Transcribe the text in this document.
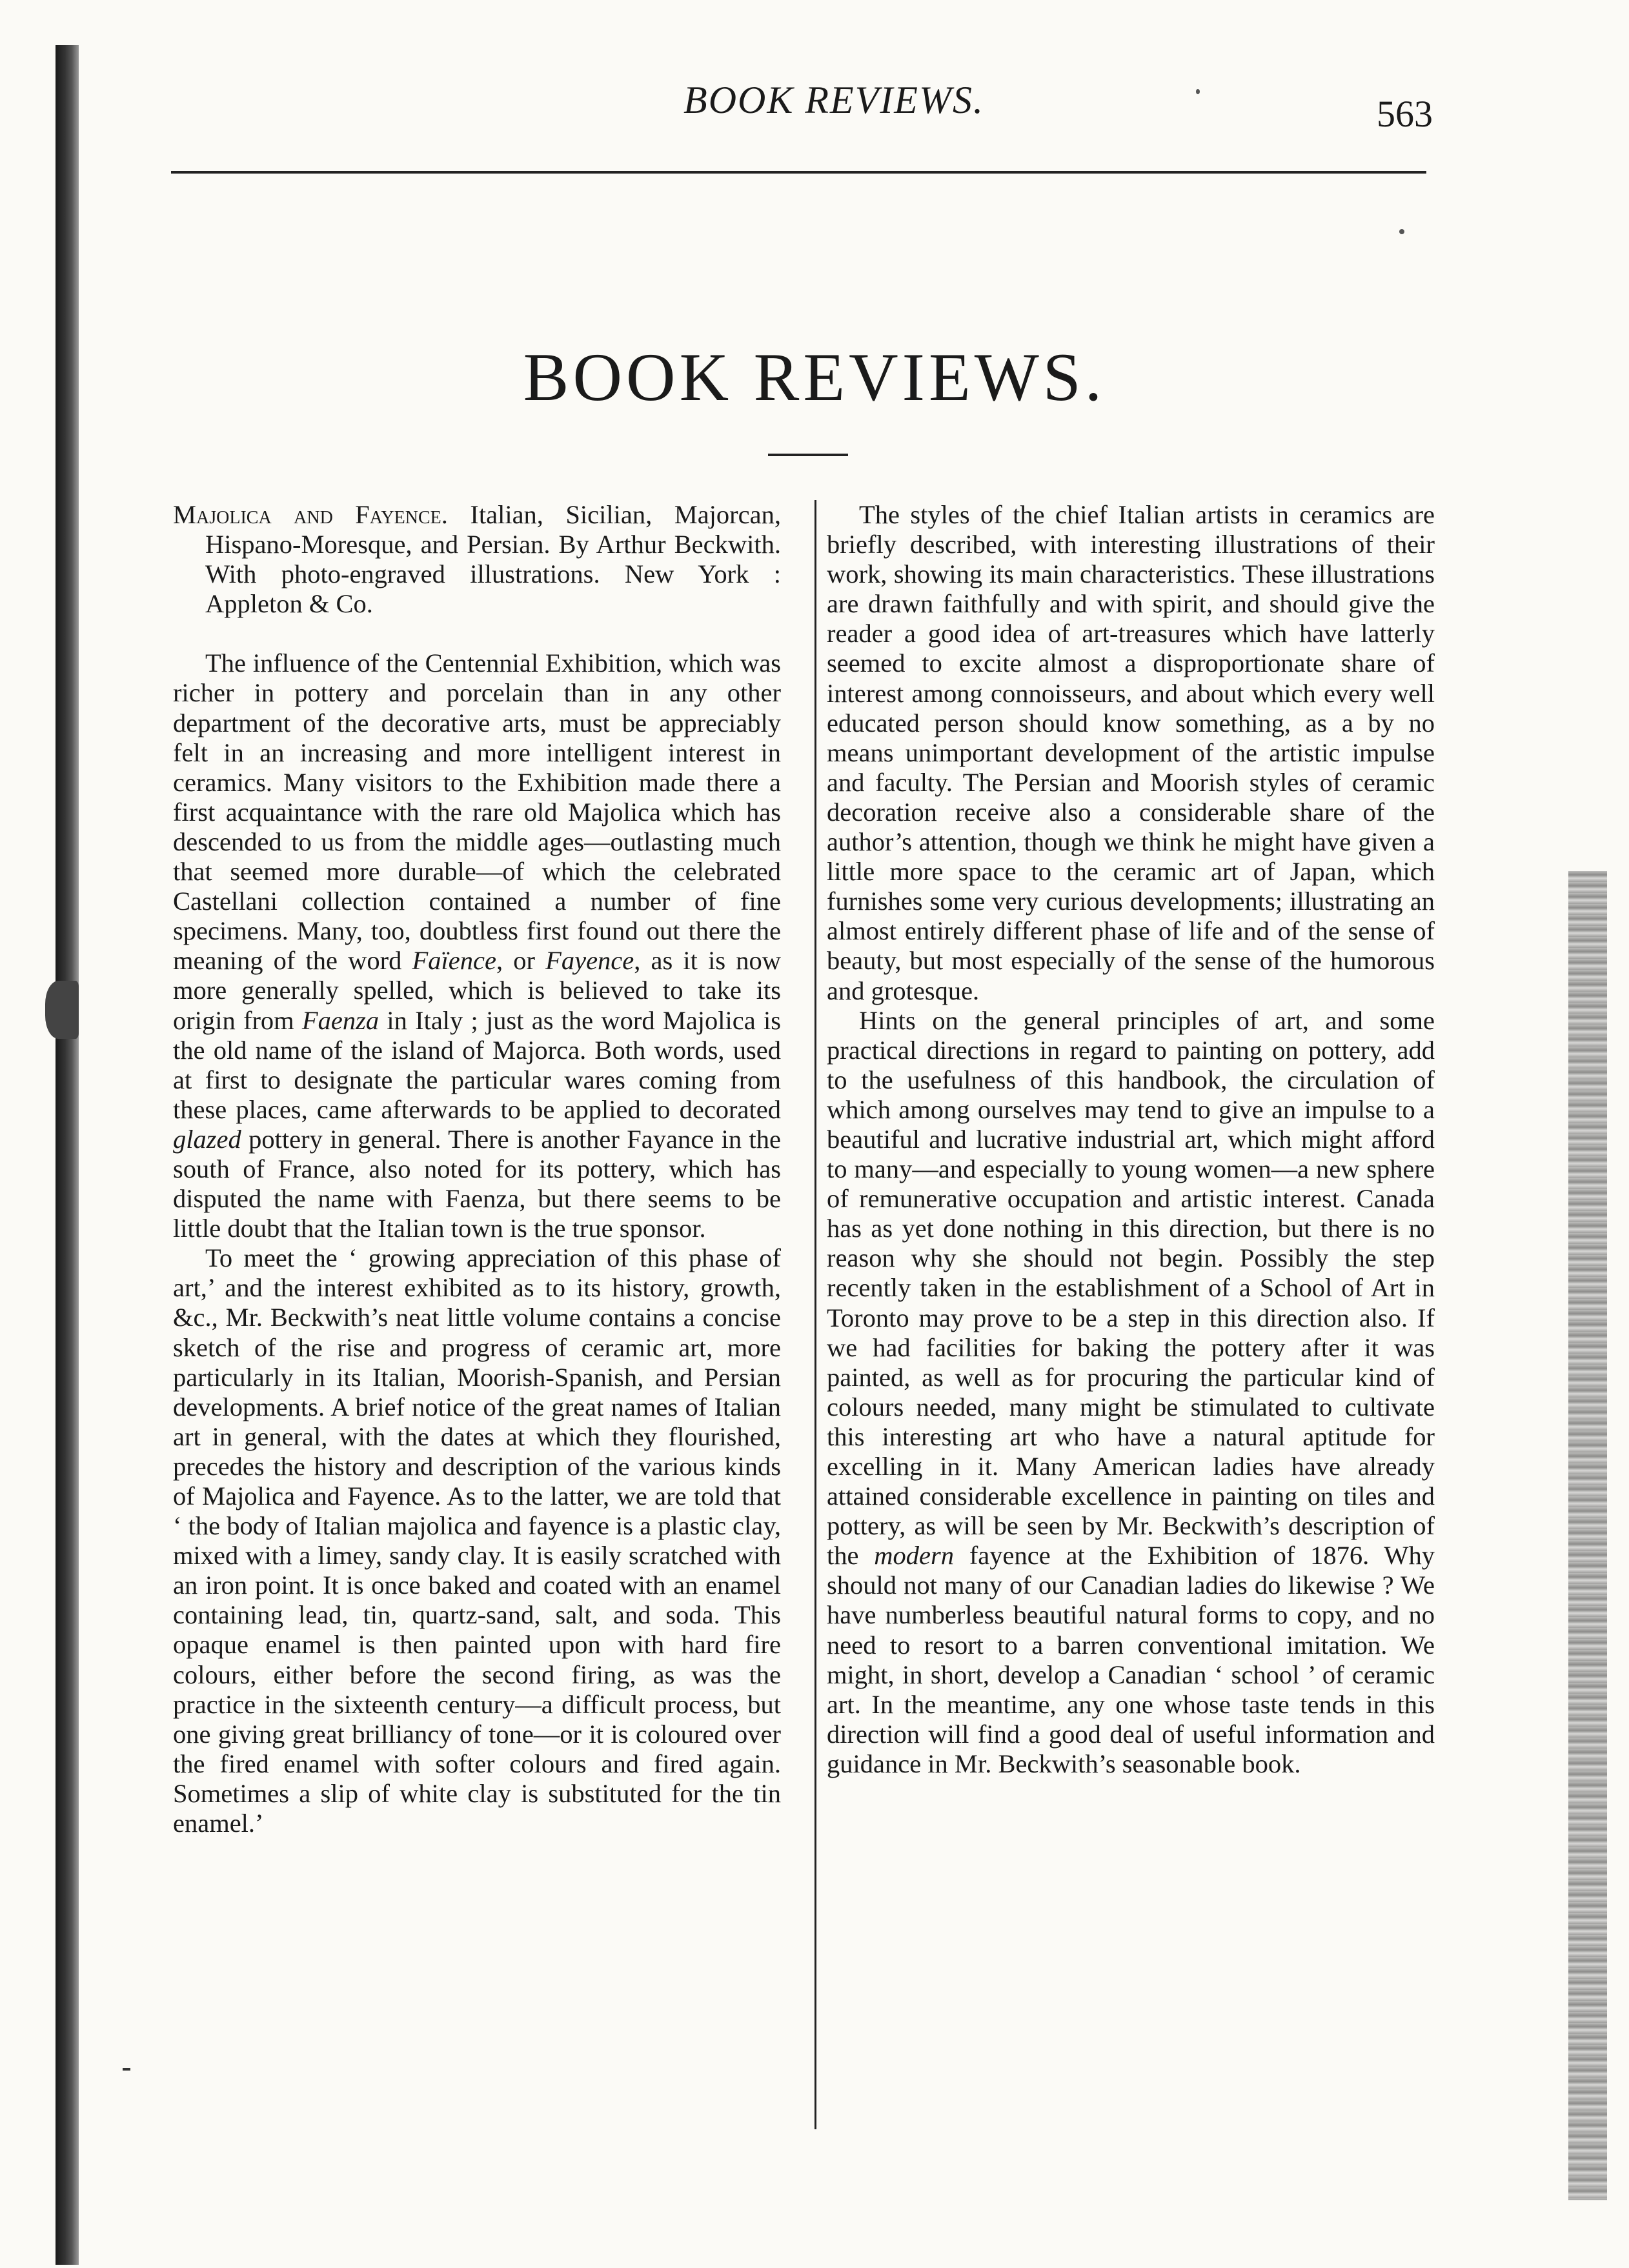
BOOK REVIEWS.	563
BOOK REVIEWS.

Majolica and Fayence. Italian, Sicilian, Majorcan, Hispano-Moresque, and Persian. By Arthur Beckwith. With photo-engraved illustrations. New York : Appleton & Co.

The influence of the Centennial Exhibition, which was richer in pottery and porcelain than in any other department of the decorative arts, must be appreciably felt in an increasing and more intelligent interest in ceramics. Many visitors to the Exhibition made there a first acquaintance with the rare old Majolica which has descended to us from the middle ages—outlasting much that seemed more durable—of which the celebrated Castellani collection contained a number of fine specimens. Many, too, doubtless first found out there the meaning of the word Faïence, or Fayence, as it is now more generally spelled, which is believed to take its origin from Faenza in Italy ; just as the word Majolica is the old name of the island of Majorca. Both words, used at first to designate the particular wares coming from these places, came afterwards to be applied to decorated glazed pottery in general. There is another Fayance in the south of France, also noted for its pottery, which has disputed the name with Faenza, but there seems to be little doubt that the Italian town is the true sponsor.

To meet the ‘ growing appreciation of this phase of art,’ and the interest exhibited as to its history, growth, &c., Mr. Beckwith’s neat little volume contains a concise sketch of the rise and progress of ceramic art, more particularly in its Italian, Moorish-Spanish, and Persian developments. A brief notice of the great names of Italian art in general, with the dates at which they flourished, precedes the history and description of the various kinds of Majolica and Fayence. As to the latter, we are told that ‘ the body of Italian majolica and fayence is a plastic clay, mixed with a limey, sandy clay. It is easily scratched with an iron point. It is once baked and coated with an enamel containing lead, tin, quartz-sand, salt, and soda. This opaque enamel is then painted upon with hard fire colours, either before the second firing, as was the practice in the sixteenth century—a difficult process, but one giving great brilliancy of tone—or it is coloured over the fired enamel with softer colours and fired again. Sometimes a slip of white clay is substituted for the tin enamel.’

The styles of the chief Italian artists in ceramics are briefly described, with interesting illustrations of their work, showing its main characteristics. These illustrations are drawn faithfully and with spirit, and should give the reader a good idea of art-treasures which have latterly seemed to excite almost a disproportionate share of interest among connoisseurs, and about which every well educated person should know something, as a by no means unimportant development of the artistic impulse and faculty. The Persian and Moorish styles of ceramic decoration receive also a considerable share of the author’s attention, though we think he might have given a little more space to the ceramic art of Japan, which furnishes some very curious developments; illustrating an almost entirely different phase of life and of the sense of beauty, but most especially of the sense of the humorous and grotesque.

Hints on the general principles of art, and some practical directions in regard to painting on pottery, add to the usefulness of this handbook, the circulation of which among ourselves may tend to give an impulse to a beautiful and lucrative industrial art, which might afford to many—and especially to young women—a new sphere of remunerative occupation and artistic interest. Canada has as yet done nothing in this direction, but there is no reason why she should not begin. Possibly the step recently taken in the establishment of a School of Art in Toronto may prove to be a step in this direction also. If we had facilities for baking the pottery after it was painted, as well as for procuring the particular kind of colours needed, many might be stimulated to cultivate this interesting art who have a natural aptitude for excelling in it. Many American ladies have already attained considerable excellence in painting on tiles and pottery, as will be seen by Mr. Beckwith’s description of the modern fayence at the Exhibition of 1876. Why should not many of our Canadian ladies do likewise ? We have numberless beautiful natural forms to copy, and no need to resort to a barren conventional imitation. We might, in short, develop a Canadian ‘ school ’ of ceramic art. In the meantime, any one whose taste tends in this direction will find a good deal of useful information and guidance in Mr. Beckwith’s seasonable book.
